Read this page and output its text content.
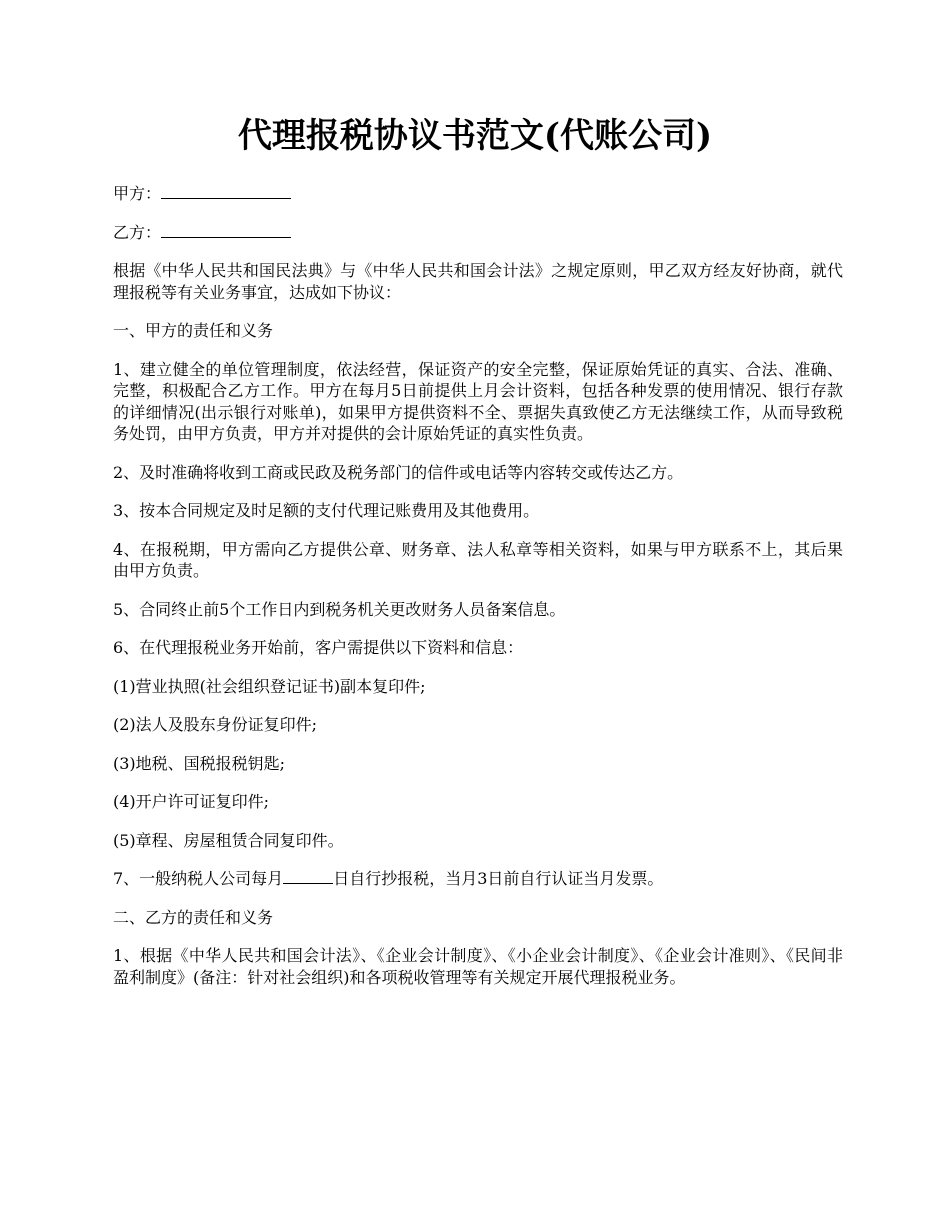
代理报税协议书范文(代账公司)

甲方：

乙方：

根据《中华人民共和国民法典》与《中华人民共和国会计法》之规定原则，甲乙双方经友好协商，就代理报税等有关业务事宜，达成如下协议：

一、甲方的责任和义务

1、建立健全的单位管理制度，依法经营，保证资产的安全完整，保证原始凭证的真实、合法、准确、完整，积极配合乙方工作。甲方在每月5日前提供上月会计资料，包括各种发票的使用情况、银行存款的详细情况(出示银行对账单)，如果甲方提供资料不全、票据失真致使乙方无法继续工作，从而导致税务处罚，由甲方负责，甲方并对提供的会计原始凭证的真实性负责。

2、及时准确将收到工商或民政及税务部门的信件或电话等内容转交或传达乙方。

3、按本合同规定及时足额的支付代理记账费用及其他费用。

4、在报税期，甲方需向乙方提供公章、财务章、法人私章等相关资料，如果与甲方联系不上，其后果由甲方负责。

5、合同终止前5个工作日内到税务机关更改财务人员备案信息。

6、在代理报税业务开始前，客户需提供以下资料和信息：

(1)营业执照(社会组织登记证书)副本复印件;

(2)法人及股东身份证复印件;

(3)地税、国税报税钥匙;

(4)开户许可证复印件;

(5)章程、房屋租赁合同复印件。

7、一般纳税人公司每月	日自行抄报税，当月3日前自行认证当月发票。

二、乙方的责任和义务

1、根据《中华人民共和国会计法》、《企业会计制度》、《小企业会计制度》、《企业会计准则》、《民间非盈利制度》(备注：针对社会组织)和各项税收管理等有关规定开展代理报税业务。
